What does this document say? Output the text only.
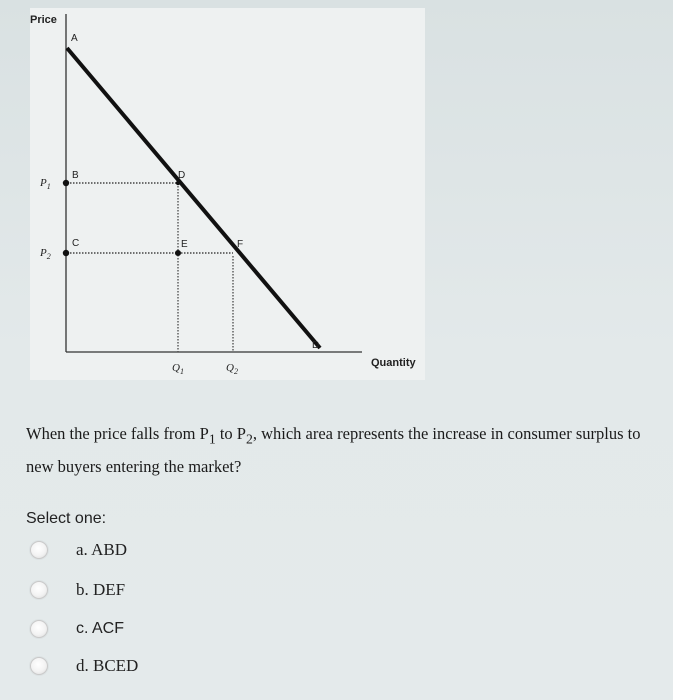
Price
Quantity
A
B
C
D
E	F
D
$P_1$
$P_2$
$Q_1$	$Q_2$
When the price falls from $P_1$ to $P_2$, which area represents the increase in consumer surplus to new buyers entering the market?
Select one:
a. ABD
b. DEF
c. ACF
d. BCED
